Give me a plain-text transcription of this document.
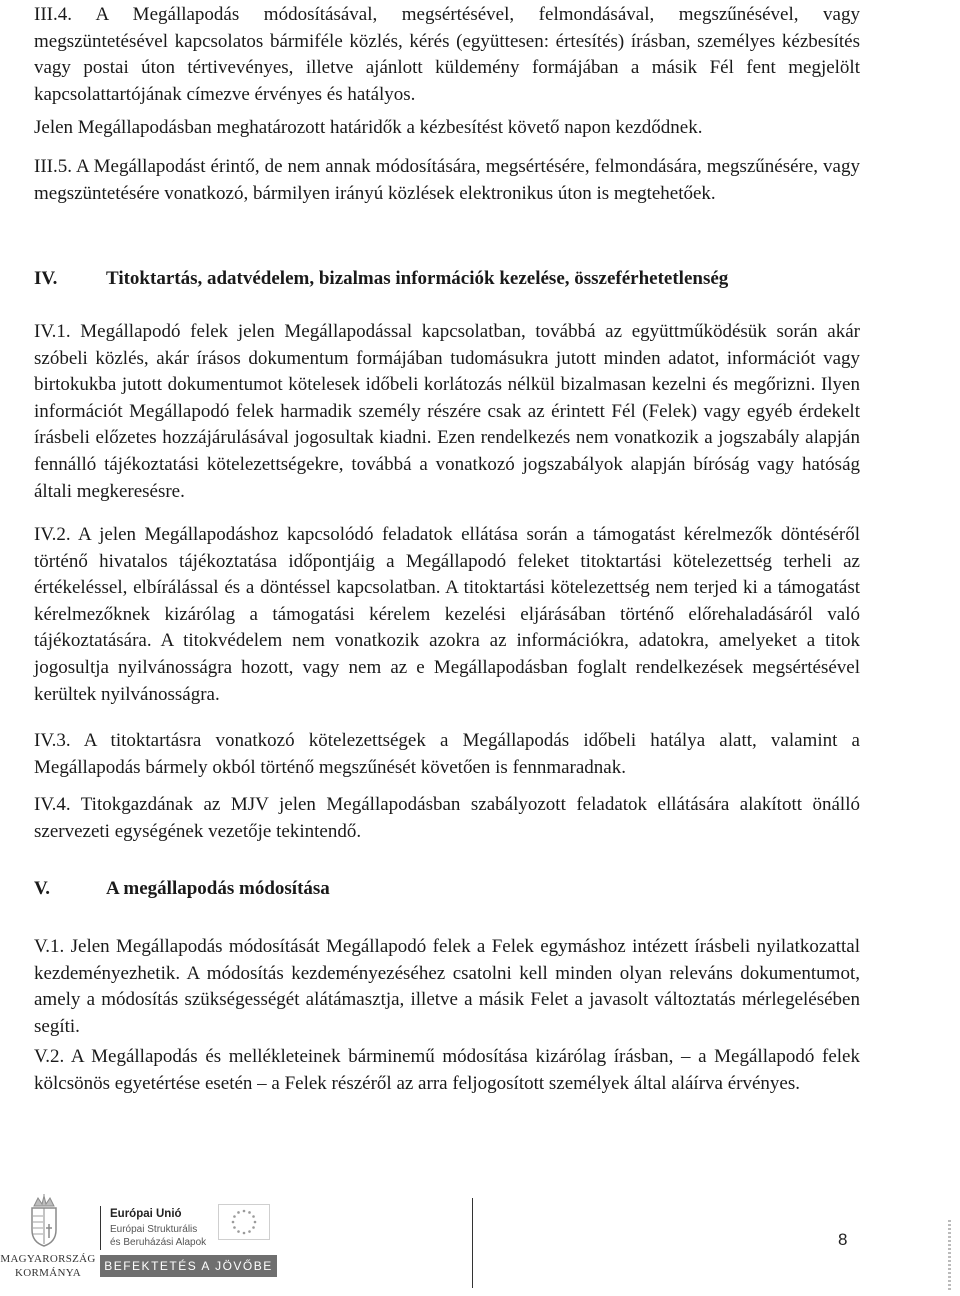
III.4. A Megállapodás módosításával, megsértésével, felmondásával, megszűnésével, vagy megszüntetésével kapcsolatos bármiféle közlés, kérés (együttesen: értesítés) írásban, személyes kézbesítés vagy postai úton tértivevényes, illetve ajánlott küldemény formájában a másik Fél fent megjelölt kapcsolattartójának címezve érvényes és hatályos.

Jelen Megállapodásban meghatározott határidők a kézbesítést követő napon kezdődnek.

III.5. A Megállapodást érintő, de nem annak módosítására, megsértésére, felmondására, megszűnésére, vagy megszüntetésére vonatkozó, bármilyen irányú közlések elektronikus úton is megtehetőek.

IV.	Titoktartás, adatvédelem, bizalmas információk kezelése, összeférhetetlenség

IV.1. Megállapodó felek jelen Megállapodással kapcsolatban, továbbá az együttműködésük során akár szóbeli közlés, akár írásos dokumentum formájában tudomásukra jutott minden adatot, információt vagy birtokukba jutott dokumentumot kötelesek időbeli korlátozás nélkül bizalmasan kezelni és megőrizni. Ilyen információt Megállapodó felek harmadik személy részére csak az érintett Fél (Felek) vagy egyéb érdekelt írásbeli előzetes hozzájárulásával jogosultak kiadni. Ezen rendelkezés nem vonatkozik a jogszabály alapján fennálló tájékoztatási kötelezettségekre, továbbá a vonatkozó jogszabályok alapján bíróság vagy hatóság általi megkeresésre.

IV.2. A jelen Megállapodáshoz kapcsolódó feladatok ellátása során a támogatást kérelmezők döntéséről történő hivatalos tájékoztatása időpontjáig a Megállapodó feleket titoktartási kötelezettség terheli az értékeléssel, elbírálással és a döntéssel kapcsolatban. A titoktartási kötelezettség nem terjed ki a támogatást kérelmezőknek kizárólag a támogatási kérelem kezelési eljárásában történő előrehaladásáról való tájékoztatására. A titokvédelem nem vonatkozik azokra az információkra, adatokra, amelyeket a titok jogosultja nyilvánosságra hozott, vagy nem az e Megállapodásban foglalt rendelkezések megsértésével kerültek nyilvánosságra.

IV.3. A titoktartásra vonatkozó kötelezettségek a Megállapodás időbeli hatálya alatt, valamint a Megállapodás bármely okból történő megszűnését követően is fennmaradnak.

IV.4. Titokgazdának az MJV jelen Megállapodásban szabályozott feladatok ellátására alakított önálló szervezeti egységének vezetője tekintendő.

V.	A megállapodás módosítása

V.1. Jelen Megállapodás módosítását Megállapodó felek a Felek egymáshoz intézett írásbeli nyilatkozattal kezdeményezhetik. A módosítás kezdeményezéséhez csatolni kell minden olyan releváns dokumentumot, amely a módosítás szükségességét alátámasztja, illetve a másik Felet a javasolt változtatás mérlegelésében segíti.

V.2. A Megállapodás és mellékleteinek bárminemű módosítása kizárólag írásban, – a Megállapodó felek kölcsönös egyetértése esetén – a Felek részéről az arra feljogosított személyek által aláírva érvényes.

MAGYARORSZÁG
KORMÁNYA
Európai Unió
Európai Strukturális
és Beruházási Alapok
BEFEKTETÉS A JÖVŐBE
8
